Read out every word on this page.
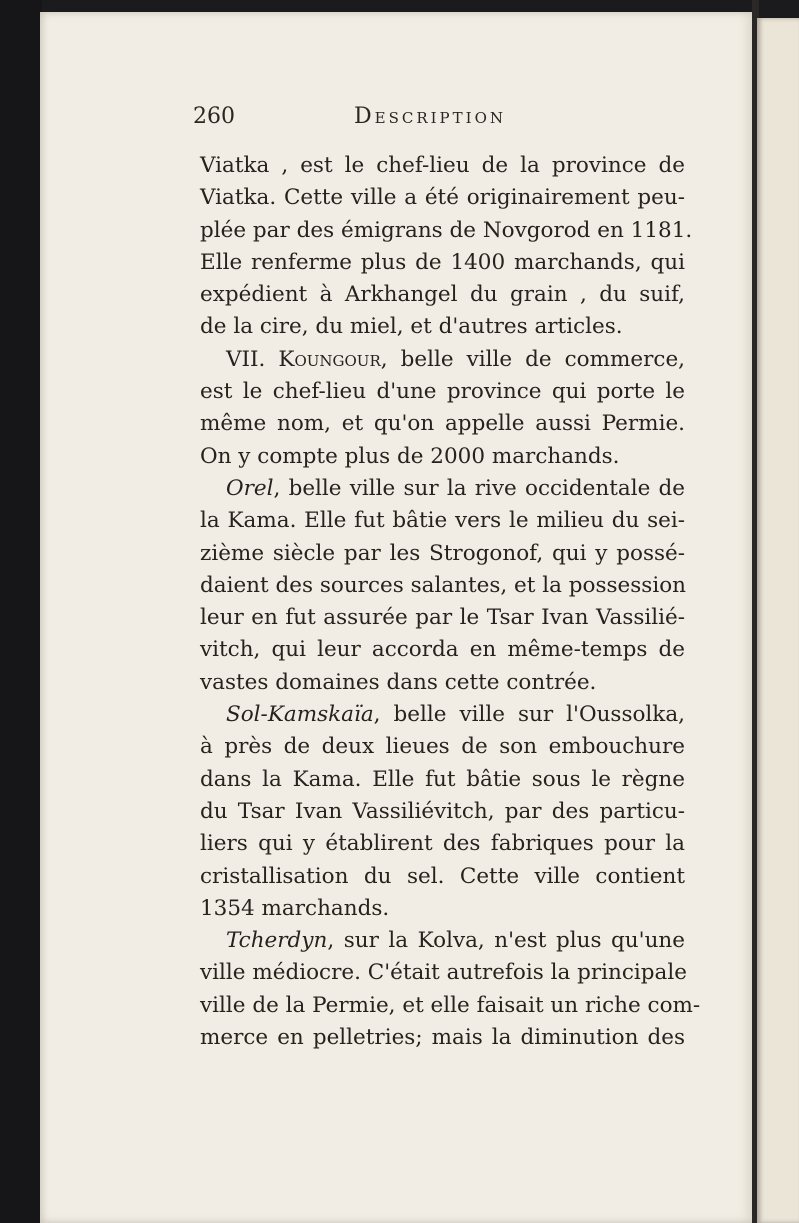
260	Description
Viatka , est le chef-lieu de la province de
Viatka. Cette ville a été originairement peu-
plée par des émigrans de Novgorod en 1181.
Elle renferme plus de 1400 marchands, qui
expédient à Arkhangel du grain , du suif,
de la cire, du miel, et d'autres articles.
VII. Koungour, belle ville de commerce,
est le chef-lieu d'une province qui porte le
même nom, et qu'on appelle aussi Permie.
On y compte plus de 2000 marchands.
Orel, belle ville sur la rive occidentale de
la Kama. Elle fut bâtie vers le milieu du sei-
zième siècle par les Strogonof, qui y possé-
daient des sources salantes, et la possession
leur en fut assurée par le Tsar Ivan Vassilié-
vitch, qui leur accorda en même-temps de
vastes domaines dans cette contrée.
Sol-Kamskaïa, belle ville sur l'Oussolka,
à près de deux lieues de son embouchure
dans la Kama. Elle fut bâtie sous le règne
du Tsar Ivan Vassiliévitch, par des particu-
liers qui y établirent des fabriques pour la
cristallisation du sel. Cette ville contient
1354 marchands.
Tcherdyn, sur la Kolva, n'est plus qu'une
ville médiocre. C'était autrefois la principale
ville de la Permie, et elle faisait un riche com-
merce en pelletries; mais la diminution des
